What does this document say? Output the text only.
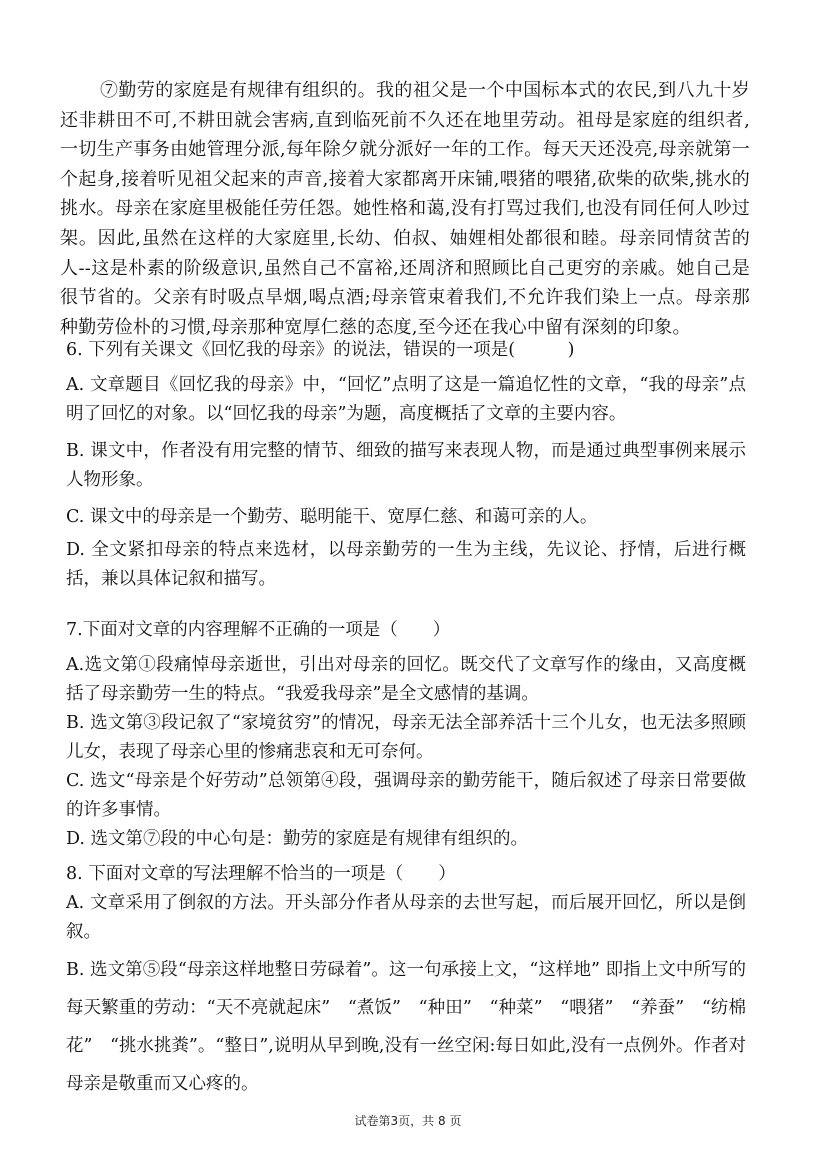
⑦勤劳的家庭是有规律有组织的。我的祖父是一个中国标本式的农民,到八九十岁还非耕田不可,不耕田就会害病,直到临死前不久还在地里劳动。祖母是家庭的组织者,一切生产事务由她管理分派,每年除夕就分派好一年的工作。每天天还没亮,母亲就第一个起身,接着听见祖父起来的声音,接着大家都离开床铺,喂猪的喂猪,砍柴的砍柴,挑水的挑水。母亲在家庭里极能任劳任怨。她性格和蔼,没有打骂过我们,也没有同任何人吵过架。因此,虽然在这样的大家庭里,长幼、伯叔、妯娌相处都很和睦。母亲同情贫苦的人--这是朴素的阶级意识,虽然自己不富裕,还周济和照顾比自己更穷的亲戚。她自己是很节省的。父亲有时吸点旱烟,喝点酒;母亲管束着我们,不允许我们染上一点。母亲那种勤劳俭朴的习惯,母亲那种宽厚仁慈的态度,至今还在我心中留有深刻的印象。

6. 下列有关课文《回忆我的母亲》的说法，错误的一项是(　　　)

A. 文章题目《回忆我的母亲》中，“回忆”点明了这是一篇追忆性的文章，“我的母亲”点明了回忆的对象。以“回忆我的母亲”为题，高度概括了文章的主要内容。

B. 课文中，作者没有用完整的情节、细致的描写来表现人物，而是通过典型事例来展示人物形象。

C. 课文中的母亲是一个勤劳、聪明能干、宽厚仁慈、和蔼可亲的人。

D. 全文紧扣母亲的特点来选材，以母亲勤劳的一生为主线，先议论、抒情，后进行概括，兼以具体记叙和描写。

7.下面对文章的内容理解不正确的一项是（　　）

A.选文第①段痛悼母亲逝世，引出对母亲的回忆。既交代了文章写作的缘由，又高度概括了母亲勤劳一生的特点。“我爱我母亲”是全文感情的基调。

B. 选文第③段记叙了“家境贫穷”的情况，母亲无法全部养活十三个儿女，也无法多照顾儿女，表现了母亲心里的惨痛悲哀和无可奈何。

C. 选文“母亲是个好劳动”总领第④段，强调母亲的勤劳能干，随后叙述了母亲日常要做的许多事情。

D. 选文第⑦段的中心句是：勤劳的家庭是有规律有组织的。

8. 下面对文章的写法理解不恰当的一项是（　　）

A. 文章采用了倒叙的方法。开头部分作者从母亲的去世写起，而后展开回忆，所以是倒叙。

B. 选文第⑤段“母亲这样地整日劳碌着”。这一句承接上文，“这样地” 即指上文中所写的每天繁重的劳动：“天不亮就起床”　“煮饭”　“种田”　“种菜”　“喂猪”　“养蚕”　“纺棉花”　“挑水挑粪”。“整日”,说明从早到晚,没有一丝空闲:每日如此,没有一点例外。作者对母亲是敬重而又心疼的。

试卷第3页，共 8 页
